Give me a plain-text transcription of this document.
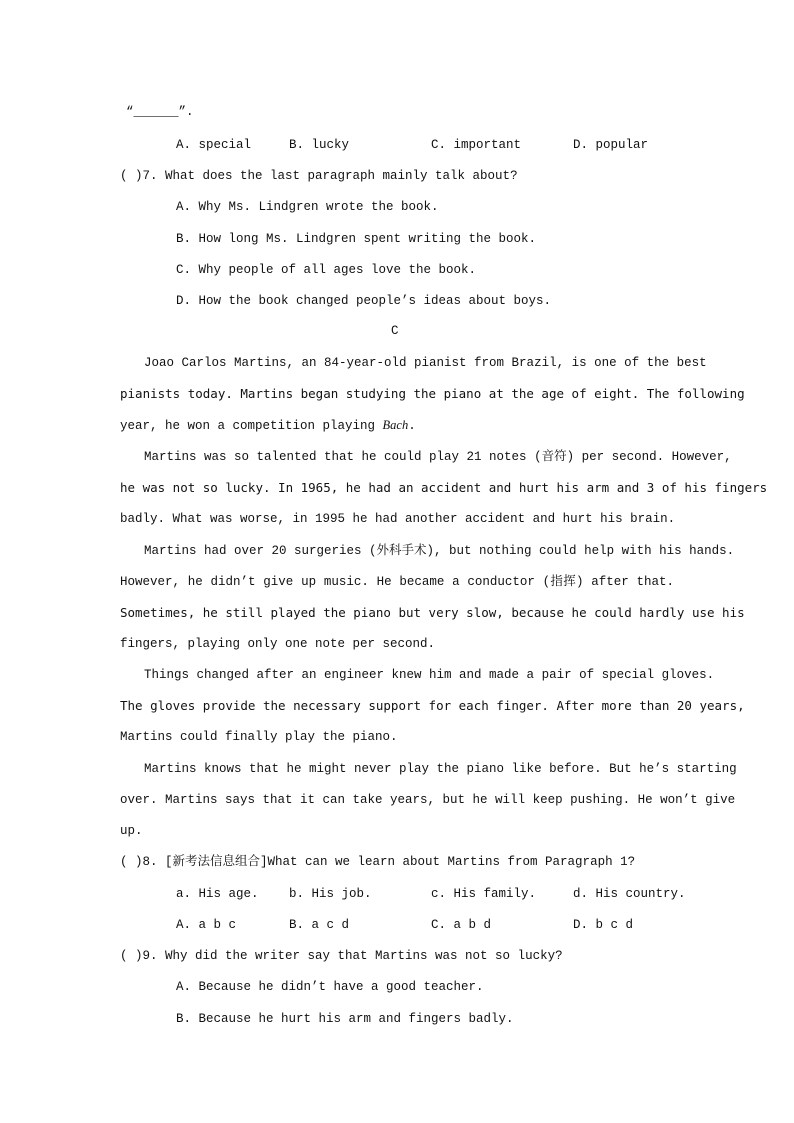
“______”.
A. special	B. lucky	C. important	D. popular
( )7. What does the last paragraph mainly talk about?
A. Why Ms. Lindgren wrote the book.
B. How long Ms. Lindgren spent writing the book.
C. Why people of all ages love the book.
D. How the book changed people’s ideas about boys.
C
Joao Carlos Martins, an 84-year-old pianist from Brazil, is one of the best
pianists today. Martins began studying the piano at the age of eight. The following
year, he won a competition playing Bach.
Martins was so talented that he could play 21 notes (音符) per second. However,
he was not so lucky. In 1965, he had an accident and hurt his arm and 3 of his fingers
badly. What was worse, in 1995 he had another accident and hurt his brain.
Martins had over 20 surgeries (外科手术), but nothing could help with his hands.
However, he didn’t give up music. He became a conductor (指挥) after that.
Sometimes, he still played the piano but very slow, because he could hardly use his
fingers, playing only one note per second.
Things changed after an engineer knew him and made a pair of special gloves.
The gloves provide the necessary support for each finger. After more than 20 years,
Martins could finally play the piano.
Martins knows that he might never play the piano like before. But he’s starting
over. Martins says that it can take years, but he will keep pushing. He won’t give
up.
( )8. [新考法信息组合]What can we learn about Martins from Paragraph 1?
a. His age. b. His job.	c. His family.	d. His country.
A. a b c	B. a c d	C. a b d	D. b c d
( )9. Why did the writer say that Martins was not so lucky?
A. Because he didn’t have a good teacher.
B. Because he hurt his arm and fingers badly.
